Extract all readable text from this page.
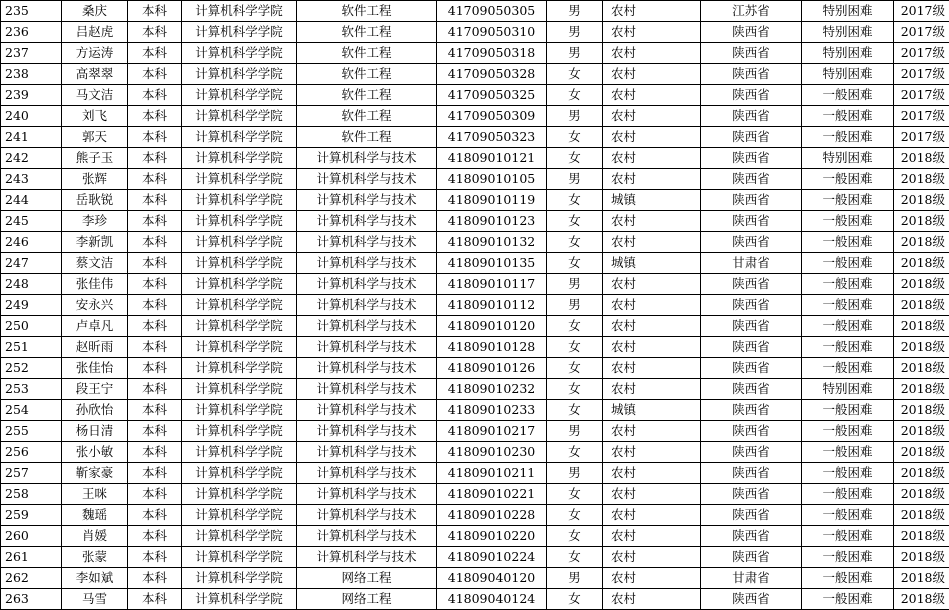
235	桑庆	本科	计算机科学学院	软件工程	41709050305	男	农村	江苏省	特别困难	2017级
236	吕赵虎	本科	计算机科学学院	软件工程	41709050310	男	农村	陕西省	特别困难	2017级
237	方运涛	本科	计算机科学学院	软件工程	41709050318	男	农村	陕西省	特别困难	2017级
238	高翠翠	本科	计算机科学学院	软件工程	41709050328	女	农村	陕西省	特别困难	2017级
239	马文洁	本科	计算机科学学院	软件工程	41709050325	女	农村	陕西省	一般困难	2017级
240	刘飞	本科	计算机科学学院	软件工程	41709050309	男	农村	陕西省	一般困难	2017级
241	郭天	本科	计算机科学学院	软件工程	41709050323	女	农村	陕西省	一般困难	2017级
242	熊子玉	本科	计算机科学学院	计算机科学与技术	41809010121	女	农村	陕西省	特别困难	2018级
243	张辉	本科	计算机科学学院	计算机科学与技术	41809010105	男	农村	陕西省	一般困难	2018级
244	岳耿锐	本科	计算机科学学院	计算机科学与技术	41809010119	女	城镇	陕西省	一般困难	2018级
245	李珍	本科	计算机科学学院	计算机科学与技术	41809010123	女	农村	陕西省	一般困难	2018级
246	李新凯	本科	计算机科学学院	计算机科学与技术	41809010132	女	农村	陕西省	一般困难	2018级
247	蔡文洁	本科	计算机科学学院	计算机科学与技术	41809010135	女	城镇	甘肃省	一般困难	2018级
248	张佳伟	本科	计算机科学学院	计算机科学与技术	41809010117	男	农村	陕西省	一般困难	2018级
249	安永兴	本科	计算机科学学院	计算机科学与技术	41809010112	男	农村	陕西省	一般困难	2018级
250	卢卓凡	本科	计算机科学学院	计算机科学与技术	41809010120	女	农村	陕西省	一般困难	2018级
251	赵昕雨	本科	计算机科学学院	计算机科学与技术	41809010128	女	农村	陕西省	一般困难	2018级
252	张佳怡	本科	计算机科学学院	计算机科学与技术	41809010126	女	农村	陕西省	一般困难	2018级
253	段王宁	本科	计算机科学学院	计算机科学与技术	41809010232	女	农村	陕西省	特别困难	2018级
254	孙欣怡	本科	计算机科学学院	计算机科学与技术	41809010233	女	城镇	陕西省	一般困难	2018级
255	杨日清	本科	计算机科学学院	计算机科学与技术	41809010217	男	农村	陕西省	一般困难	2018级
256	张小敏	本科	计算机科学学院	计算机科学与技术	41809010230	女	农村	陕西省	一般困难	2018级
257	靳家豪	本科	计算机科学学院	计算机科学与技术	41809010211	男	农村	陕西省	一般困难	2018级
258	王咪	本科	计算机科学学院	计算机科学与技术	41809010221	女	农村	陕西省	一般困难	2018级
259	魏瑶	本科	计算机科学学院	计算机科学与技术	41809010228	女	农村	陕西省	一般困难	2018级
260	肖媛	本科	计算机科学学院	计算机科学与技术	41809010220	女	农村	陕西省	一般困难	2018级
261	张蒙	本科	计算机科学学院	计算机科学与技术	41809010224	女	农村	陕西省	一般困难	2018级
262	李如斌	本科	计算机科学学院	网络工程	41809040120	男	农村	甘肃省	一般困难	2018级
263	马雪	本科	计算机科学学院	网络工程	41809040124	女	农村	陕西省	一般困难	2018级
